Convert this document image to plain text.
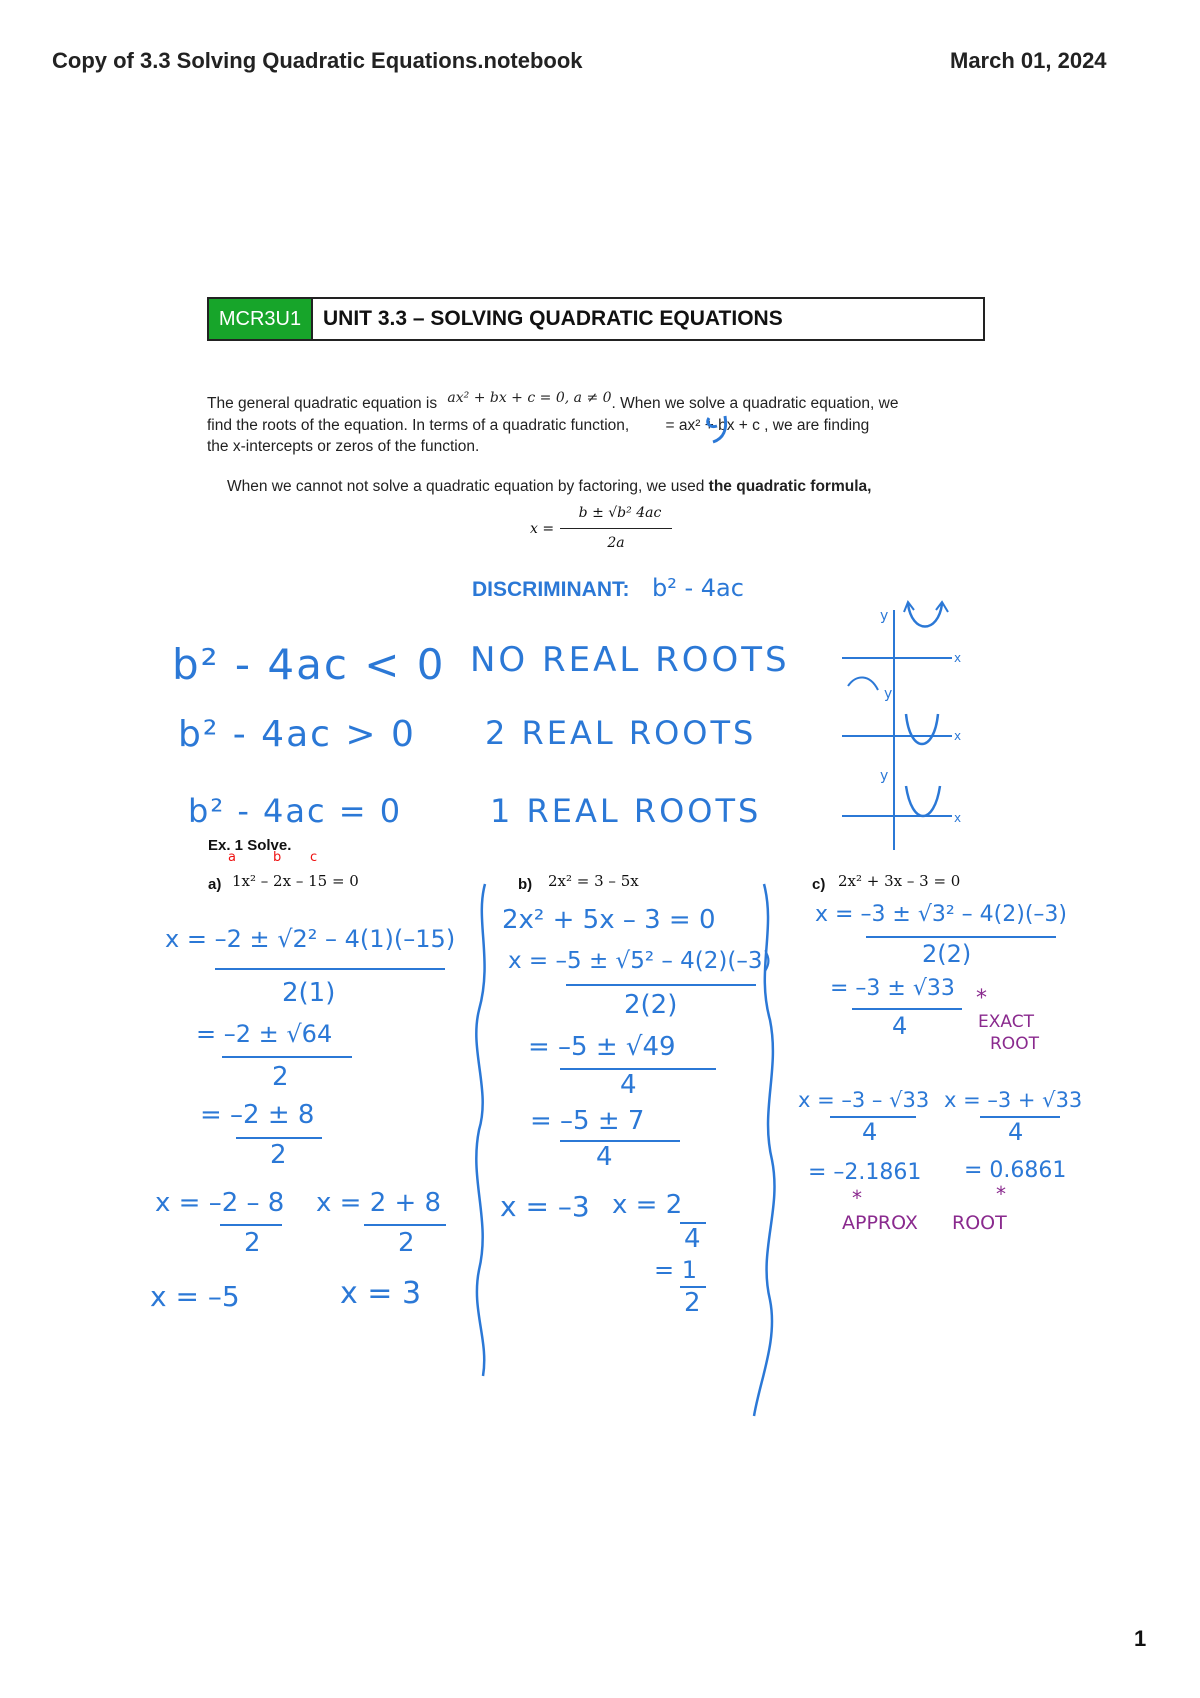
Copy of 3.3 Solving Quadratic Equations.notebook	March 01, 2024
MCR3U1	UNIT 3.3 – SOLVING QUADRATIC EQUATIONS
The general quadratic equation is ax² + bx + c = 0, a ≠ 0. When we solve a quadratic equation, we
find the roots of the equation. In terms of a quadratic function, = ax² + bx + c , we are finding
the x-intercepts or zeros of the function.
When we cannot not solve a quadratic equation by factoring, we used the quadratic formula,
x =
b ± √b² 4ac
2a
DISCRIMINANT: b² - 4ac
b² - 4ac < 0 NO REAL ROOTS
b² - 4ac > 0 2 REAL ROOTS
b² - 4ac = 0	1 REAL ROOTS
y
x
y
x
y
x
Ex. 1 Solve.
a	b c
a) 1x² – 2x – 15 = 0
x = –2 ± √2² – 4(1)(–15)
2(1)
= –2 ± √64
2
= –2 ± 8
2
x = –2 – 8
2
x = 2 + 8
2
x = –5	x = 3
b) 2x² = 3 – 5x
2x² + 5x – 3 = 0
x = –5 ± √5² – 4(2)(–3)
2(2)
= –5 ± √49
4
= –5 ± 7
4
x = –3 x = 2
4
= 1
2
c) 2x² + 3x – 3 = 0
x = –3 ± √3² – 4(2)(–3)
2(2)
= –3 ± √33
4
*
EXACT
ROOT
x = –3 – √33
4
x = –3 + √33
4
= –2.1861 = 0.6861
*	*
APPROX ROOT
1
